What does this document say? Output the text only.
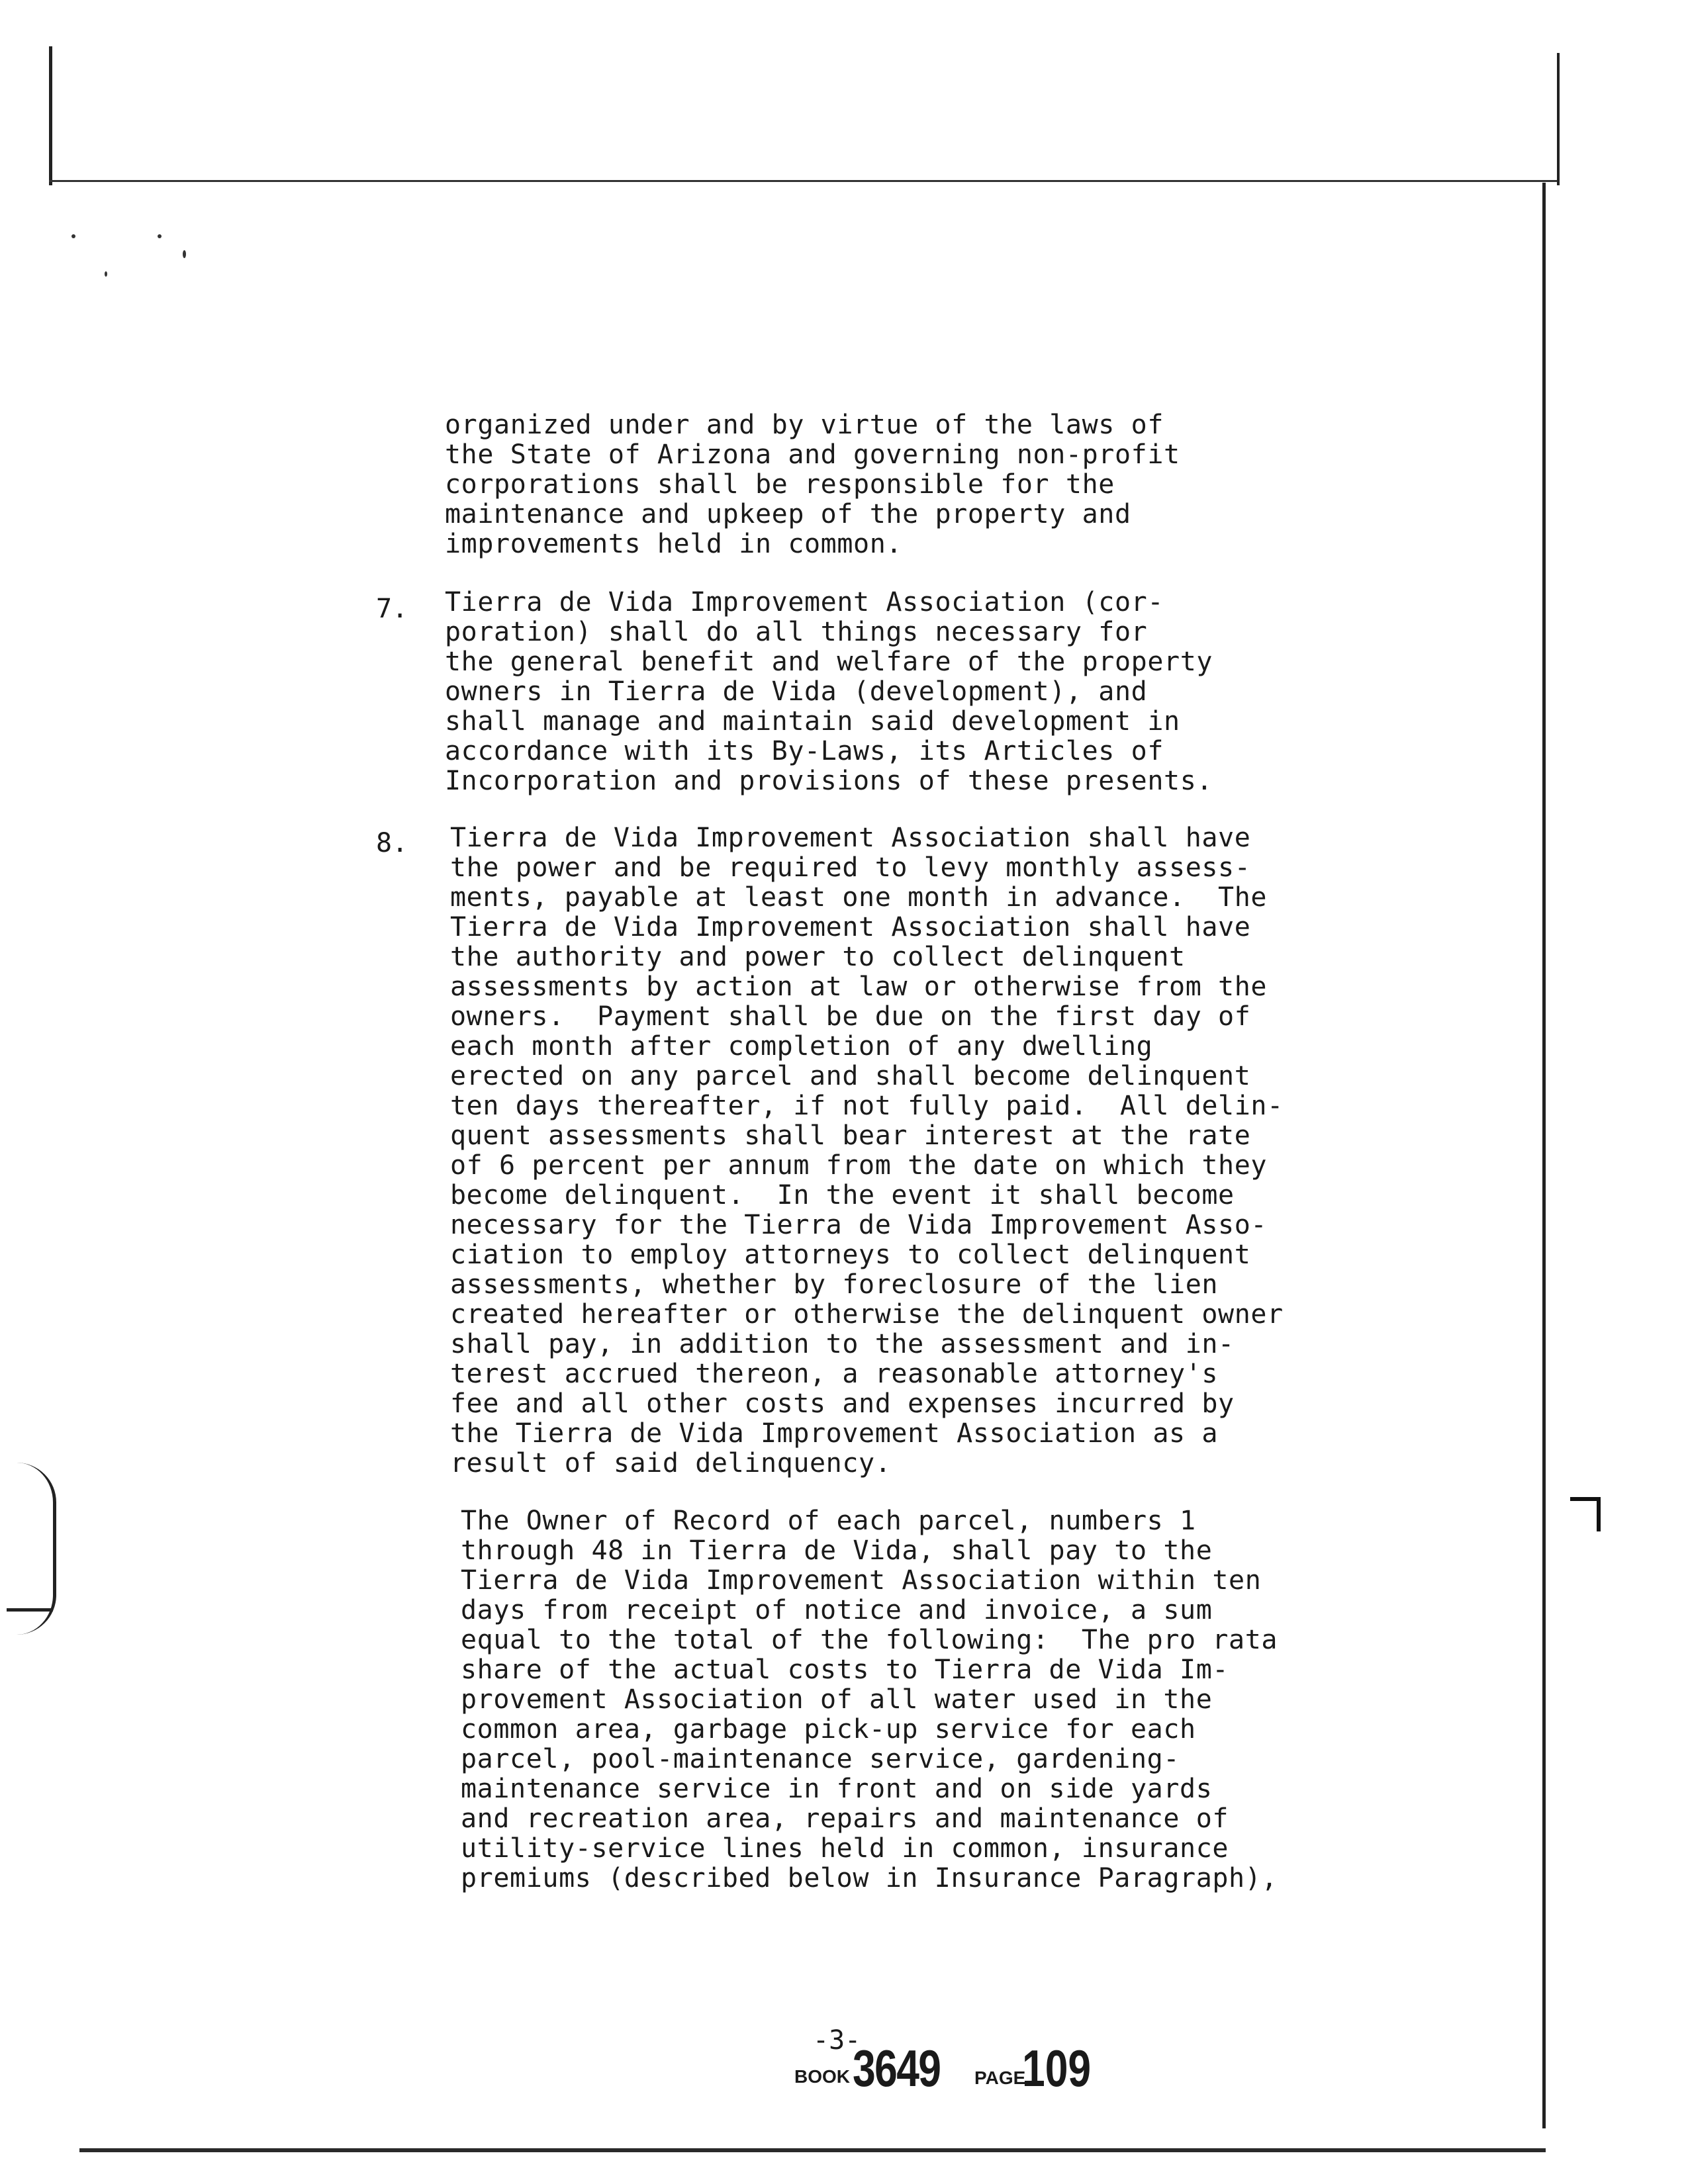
organized under and by virtue of the laws of
the State of Arizona and governing non-profit
corporations shall be responsible for the
maintenance and upkeep of the property and
improvements held in common.
7. Tierra de Vida Improvement Association (cor-
poration) shall do all things necessary for
the general benefit and welfare of the property
owners in Tierra de Vida (development), and
shall manage and maintain said development in
accordance with its By-Laws, its Articles of
Incorporation and provisions of these presents.
8. Tierra de Vida Improvement Association shall have
the power and be required to levy monthly assess-
ments, payable at least one month in advance.  The
Tierra de Vida Improvement Association shall have
the authority and power to collect delinquent
assessments by action at law or otherwise from the
owners.  Payment shall be due on the first day of
each month after completion of any dwelling
erected on any parcel and shall become delinquent
ten days thereafter, if not fully paid.  All delin-
quent assessments shall bear interest at the rate
of 6 percent per annum from the date on which they
become delinquent.  In the event it shall become
necessary for the Tierra de Vida Improvement Asso-
ciation to employ attorneys to collect delinquent
assessments, whether by foreclosure of the lien
created hereafter or otherwise the delinquent owner
shall pay, in addition to the assessment and in-
terest accrued thereon, a reasonable attorney's
fee and all other costs and expenses incurred by
the Tierra de Vida Improvement Association as a
result of said delinquency.
The Owner of Record of each parcel, numbers 1
through 48 in Tierra de Vida, shall pay to the
Tierra de Vida Improvement Association within ten
days from receipt of notice and invoice, a sum
equal to the total of the following:  The pro rata
share of the actual costs to Tierra de Vida Im-
provement Association of all water used in the
common area, garbage pick-up service for each
parcel, pool-maintenance service, gardening-
maintenance service in front and on side yards
and recreation area, repairs and maintenance of
utility-service lines held in common, insurance
premiums (described below in Insurance Paragraph),
-3-
BOOK 3649 PAGE
109
